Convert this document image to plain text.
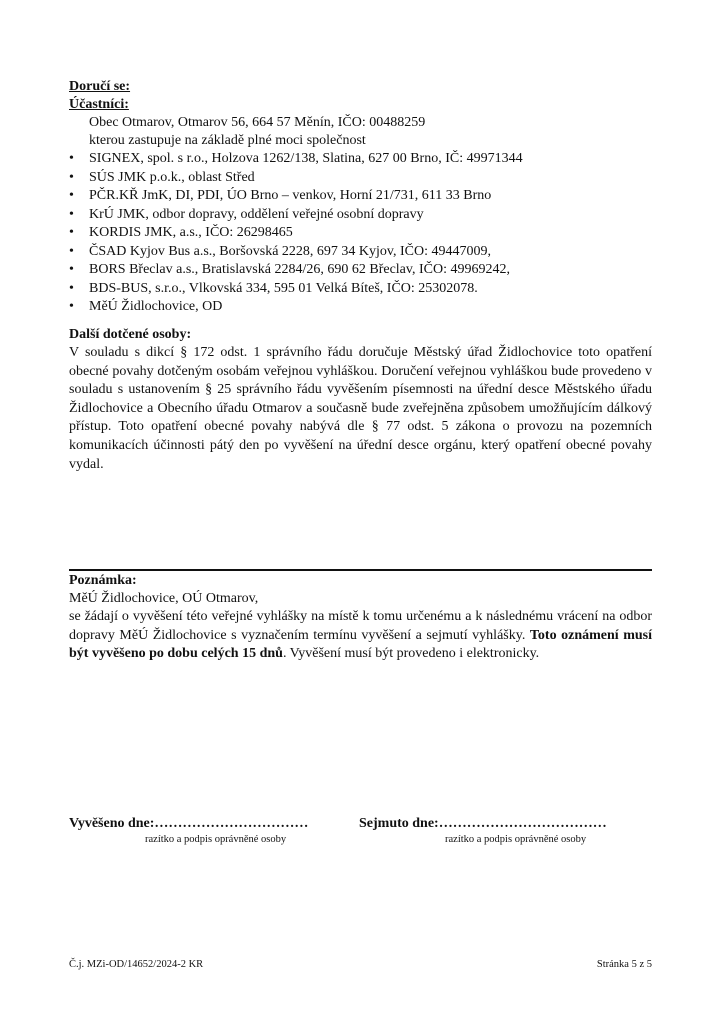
Doručí se:

Účastníci:

Obec Otmarov, Otmarov 56, 664 57 Měnín, IČO: 00488259

kterou zastupuje na základě plné moci společnost

•	SIGNEX, spol. s r.o., Holzova 1262/138, Slatina, 627 00 Brno, IČ: 49971344
•	SÚS JMK p.o.k., oblast Střed
•	PČR.KŘ JmK, DI, PDI, ÚO Brno – venkov, Horní 21/731, 611 33 Brno
•	KrÚ JMK, odbor dopravy, oddělení veřejné osobní dopravy
•	KORDIS JMK, a.s., IČO: 26298465
•	ČSAD Kyjov Bus a.s., Boršovská 2228, 697 34 Kyjov, IČO: 49447009,
•	BORS Břeclav a.s., Bratislavská 2284/26, 690 62 Břeclav, IČO: 49969242,
•	BDS-BUS, s.r.o., Vlkovská 334, 595 01 Velká Bíteš, IČO: 25302078.
•	MěÚ Židlochovice, OD

Další dotčené osoby:

V souladu s dikcí § 172 odst. 1 správního řádu doručuje Městský úřad Židlochovice toto opatření obecné povahy dotčeným osobám veřejnou vyhláškou. Doručení veřejnou vyhláškou bude provedeno v souladu s ustanovením § 25 správního řádu vyvěšením písemnosti na úřední desce Městského úřadu Židlochovice a Obecního úřadu Otmarov a současně bude zveřejněna způsobem umožňujícím dálkový přístup. Toto opatření obecné povahy nabývá dle § 77 odst. 5 zákona o provozu na pozemních komunikacích účinnosti pátý den po vyvěšení na úřední desce orgánu, který opatření obecné povahy vydal.

Poznámka:

MěÚ Židlochovice, OÚ Otmarov,

se žádají o vyvěšení této veřejné vyhlášky na místě k tomu určenému a k následnému vrácení na odbor dopravy MěÚ Židlochovice s vyznačením termínu vyvěšení a sejmutí vyhlášky. Toto oznámení musí být vyvěšeno po dobu celých 15 dnů. Vyvěšení musí být provedeno i elektronicky.

Vyvěšeno dne:……………………………
razítko a podpis oprávněné osoby
Sejmuto dne:………………………………
razítko a podpis oprávněné osoby
Č.j. MZi-OD/14652/2024-2 KR	Stránka 5 z 5
